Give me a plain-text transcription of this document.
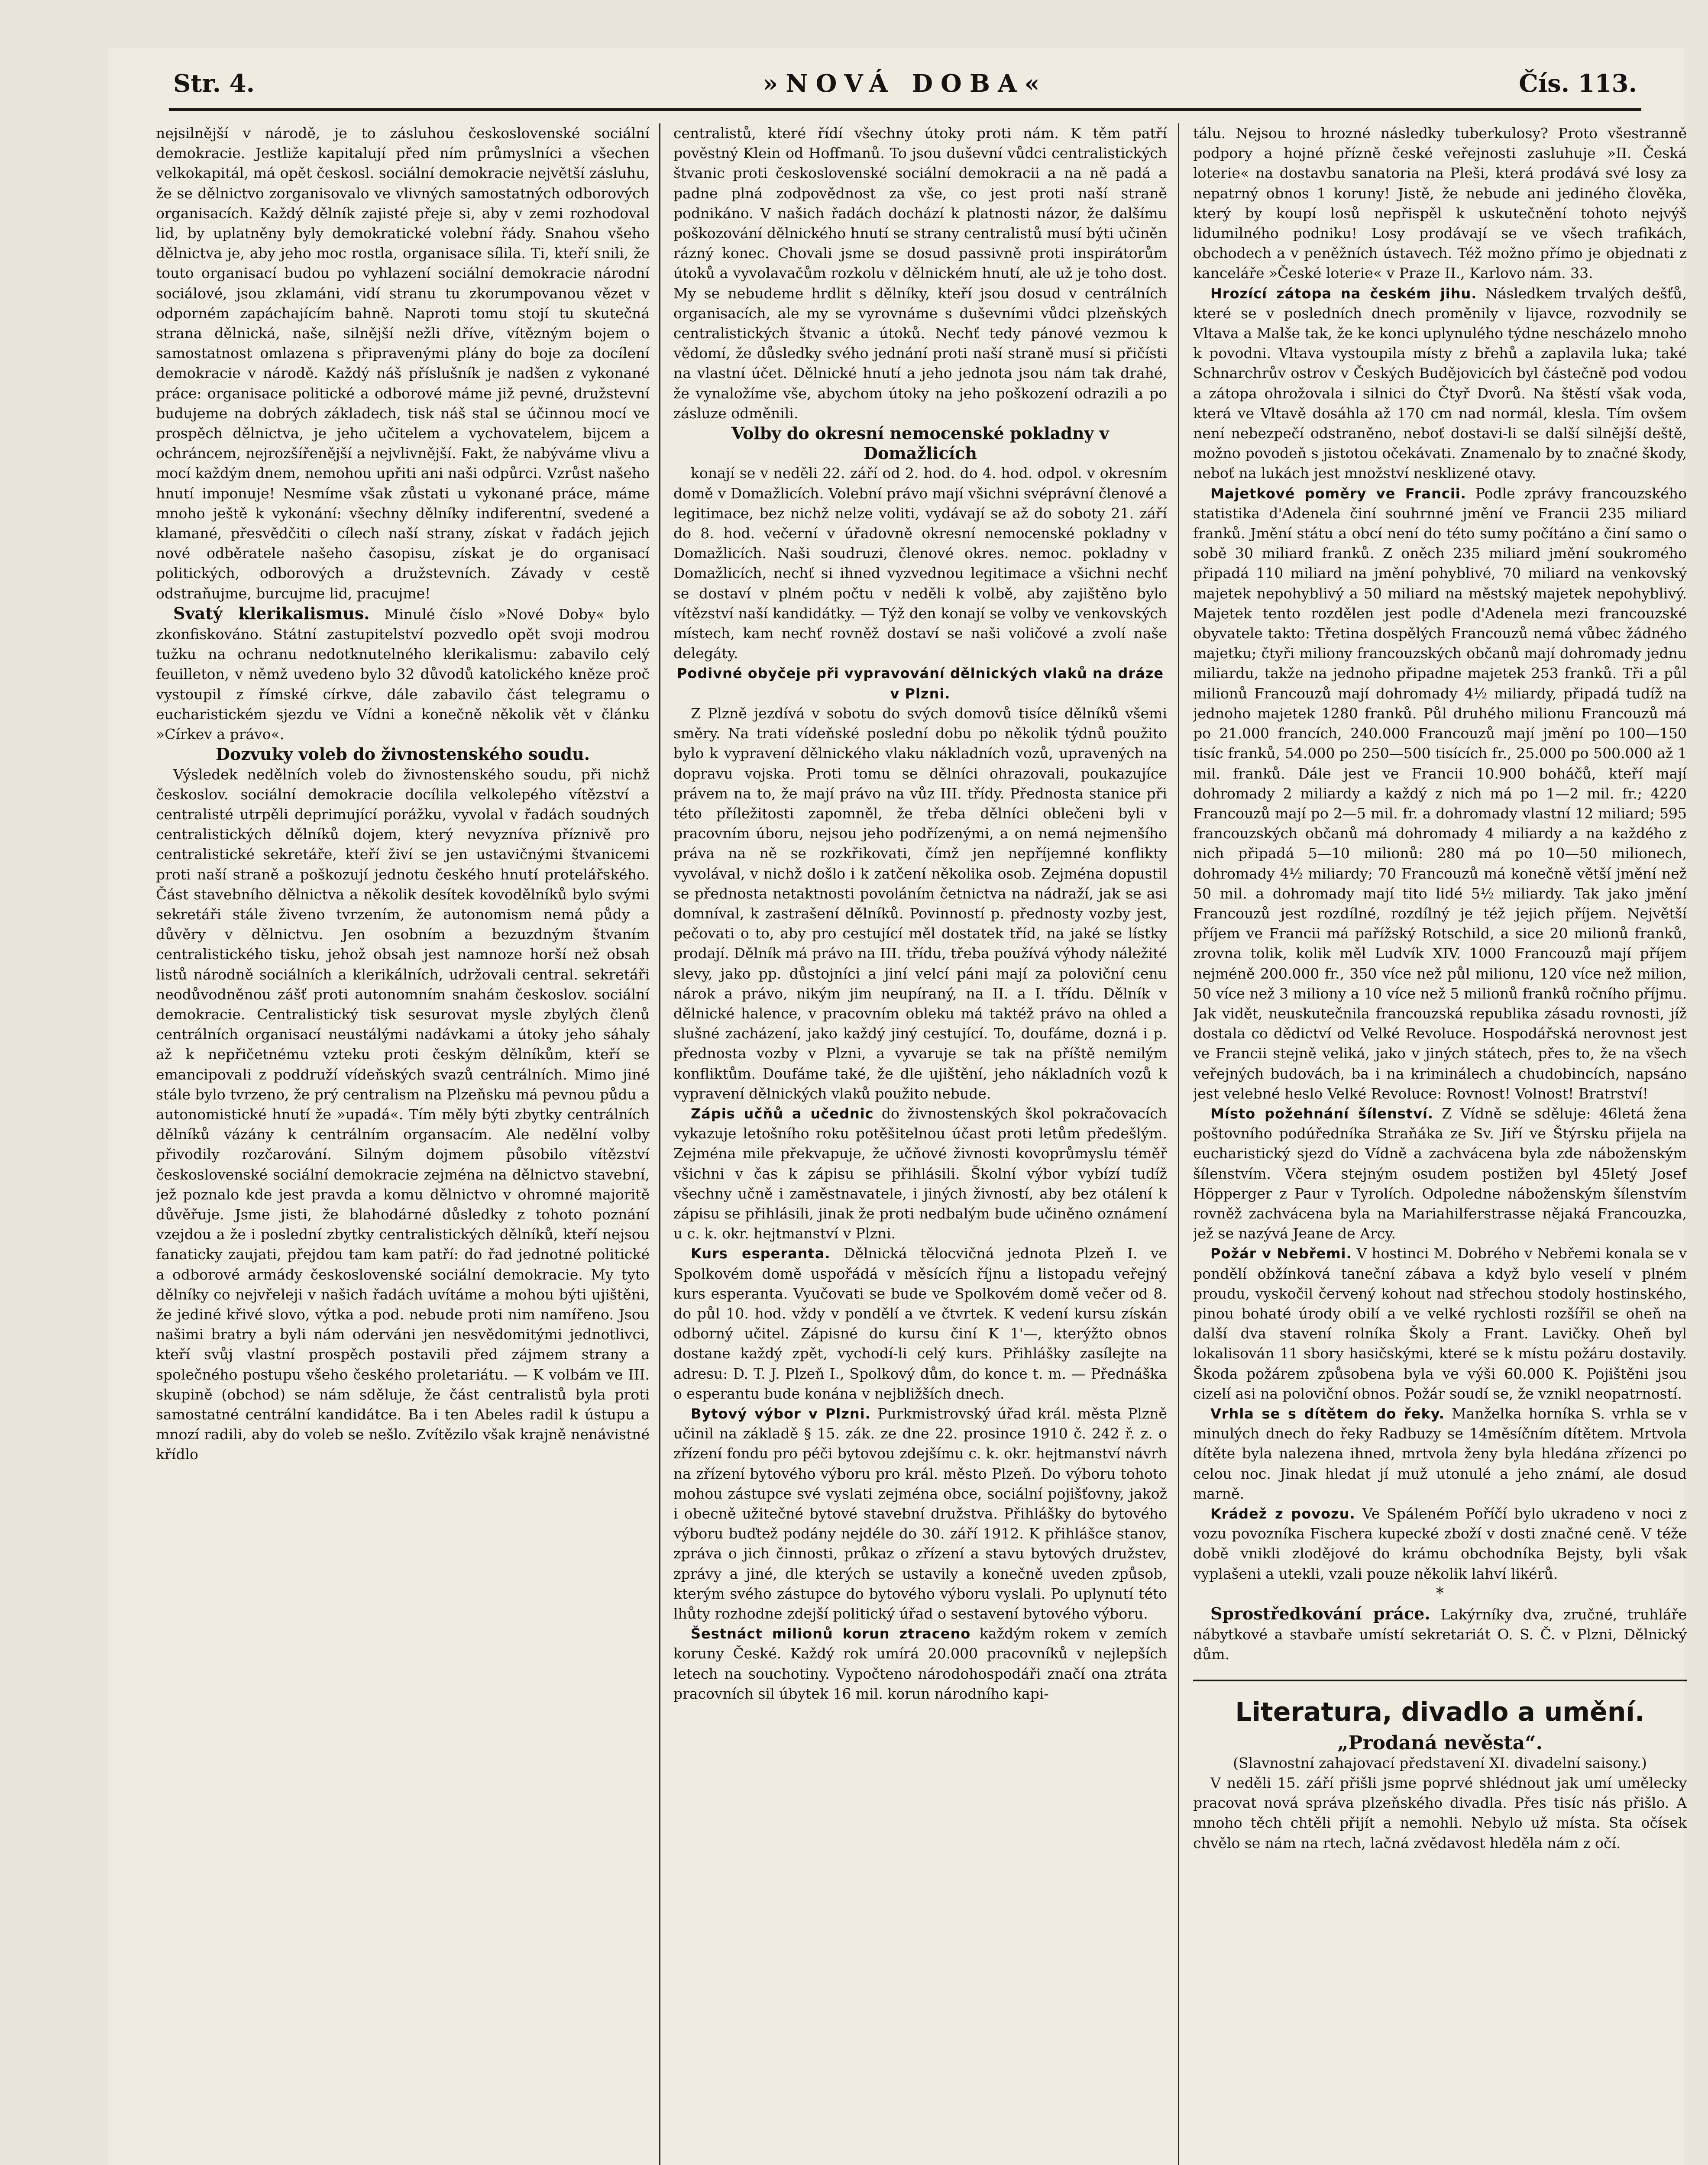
Str. 4.	»NOVÁ DOBA«	Čís. 113.

nejsilnější v národě, je to zásluhou československé sociální demokracie. Jestliže kapitalují před ním průmyslníci a všechen velkokapitál, má opět českosl. sociální demokracie největší zásluhu, že se dělnictvo zorganisovalo ve vlivných samostatných odborových organisacích. Každý dělník zajisté přeje si, aby v zemi rozhodoval lid, by uplatněny byly demokratické volební řády. Snahou všeho dělnictva je, aby jeho moc rostla, organisace sílila. Ti, kteří snili, že touto organisací budou po vyhlazení sociální demokracie národní sociálové, jsou zklamáni, vidí stranu tu zkorumpovanou vězet v odporném zapáchajícím bahně. Naproti tomu stojí tu skutečná strana dělnická, naše, silnější nežli dříve, vítězným bojem o samostatnost omlazena s připravenými plány do boje za docílení demokracie v národě. Každý náš příslušník je nadšen z vykonané práce: organisace politické a odborové máme již pevné, družstevní budujeme na dobrých základech, tisk náš stal se účinnou mocí ve prospěch dělnictva, je jeho učitelem a vychovatelem, bijcem a ochráncem, nejrozšířenější a nejvlivnější. Fakt, že nabýváme vlivu a mocí každým dnem, nemohou upřiti ani naši odpůrci. Vzrůst našeho hnutí imponuje! Nesmíme však zůstati u vykonané práce, máme mnoho ještě k vykonání: všechny dělníky indiferentní, svedené a klamané, přesvědčiti o cílech naší strany, získat v řadách jejich nové odběratele našeho časopisu, získat je do organisací politických, odborových a družstevních. Závady v cestě odstraňujme, burcujme lid, pracujme!

Svatý klerikalismus. Minulé číslo »Nové Doby« bylo zkonfiskováno. Státní zastupitelství pozvedlo opět svoji modrou tužku na ochranu nedotknutelného klerikalismu: zabavilo celý feuilleton, v němž uvedeno bylo 32 důvodů katolického kněze proč vystoupil z římské církve, dále zabavilo část telegramu o eucharistickém sjezdu ve Vídni a konečně několik vět v článku »Církev a právo«.

Dozvuky voleb do živnostenského soudu.

Výsledek nedělních voleb do živnostenského soudu, při nichž českoslov. sociální demokracie docílila velkolepého vítězství a centralisté utrpěli deprimující porážku, vyvolal v řadách soudných centralistických dělníků dojem, který nevyzníva příznivě pro centralistické sekretáře, kteří živí se jen ustavičnými štvanicemi proti naší straně a poškozují jednotu českého hnutí protelářského. Část stavebního dělnictva a několik desítek kovodělníků bylo svými sekretáři stále živeno tvrzením, že autonomism nemá půdy a důvěry v dělnictvu. Jen osobním a bezuzdným štvaním centralistického tisku, jehož obsah jest namnoze horší než obsah listů národně sociálních a klerikálních, udržovali central. sekretáři neodůvodněnou zášť proti autonomním snahám českoslov. sociální demokracie. Centralistický tisk sesurovat mysle zbylých členů centrálních organisací neustálými nadávkami a útoky jeho sáhaly až k nepřičetnému vzteku proti českým dělníkům, kteří se emancipovali z poddruží vídeňských svazů centrálních. Mimo jiné stále bylo tvrzeno, že prý centralism na Plzeňsku má pevnou půdu a autonomistické hnutí že »upadá«. Tím měly býti zbytky centrálních dělníků vázány k centrálním organsacím. Ale nedělní volby přivodily rozčarování. Silným dojmem působilo vítězství československé sociální demokracie zejména na dělnictvo stavební, jež poznalo kde jest pravda a komu dělnictvo v ohromné majoritě důvěřuje. Jsme jisti, že blahodárné důsledky z tohoto poznání vzejdou a že i poslední zbytky centralistických dělníků, kteří nejsou fanaticky zaujati, přejdou tam kam patří: do řad jednotné politické a odborové armády československé sociální demokracie. My tyto dělníky co nejvřeleji v našich řadách uvítáme a mohou býti ujištěni, že jediné křivé slovo, výtka a pod. nebude proti nim namířeno. Jsou našimi bratry a byli nám oderváni jen nesvědomitými jednotlivci, kteří svůj vlastní prospěch postavili před zájmem strany a společného postupu všeho českého proletariátu. — K volbám ve III. skupině (obchod) se nám sděluje, že část centralistů byla proti samostatné centrální kandidátce. Ba i ten Abeles radil k ústupu a mnozí radili, aby do voleb se nešlo. Zvítězilo však krajně nenávistné křídlo

centralistů, které řídí všechny útoky proti nám. K těm patří pověstný Klein od Hoffmanů. To jsou duševní vůdci centralistických štvanic proti československé sociální demokracii a na ně padá a padne plná zodpovědnost za vše, co jest proti naší straně podnikáno. V našich řadách dochází k platnosti názor, že dalšímu poškozování dělnického hnutí se strany centralistů musí býti učiněn rázný konec. Chovali jsme se dosud passivně proti inspirátorům útoků a vyvolavačům rozkolu v dělnickém hnutí, ale už je toho dost. My se nebudeme hrdlit s dělníky, kteří jsou dosud v centrálních organisacích, ale my se vyrovnáme s duševními vůdci plzeňských centralistických štvanic a útoků. Nechť tedy pánové vezmou k vědomí, že důsledky svého jednání proti naší straně musí si přičísti na vlastní účet. Dělnické hnutí a jeho jednota jsou nám tak drahé, že vynaložíme vše, abychom útoky na jeho poškození odrazili a po zásluze odměnili.

Volby do okresní nemocenské pokladny v Domažlicích

konají se v neděli 22. září od 2. hod. do 4. hod. odpol. v okresním domě v Domažlicích. Volební právo mají všichni svéprávní členové a legitimace, bez nichž nelze voliti, vydávají se až do soboty 21. září do 8. hod. večerní v úřadovně okresní nemocenské pokladny v Domažlicích. Naši soudruzi, členové okres. nemoc. pokladny v Domažlicích, nechť si ihned vyzvednou legitimace a všichni nechť se dostaví v plném počtu v neděli k volbě, aby zajištěno bylo vítězství naší kandidátky. — Týž den konají se volby ve venkovských místech, kam nechť rovněž dostaví se naši voličové a zvolí naše delegáty.

Podivné obyčeje při vypravování dělnických vlaků na dráze v Plzni.

Z Plzně jezdívá v sobotu do svých domovů tisíce dělníků všemi směry. Na trati vídeňské poslední dobu po několik týdnů použito bylo k vypravení dělnického vlaku nákladních vozů, upravených na dopravu vojska. Proti tomu se dělníci ohrazovali, poukazujíce právem na to, že mají právo na vůz III. třídy. Přednosta stanice při této příležitosti zapomněl, že třeba dělníci oblečeni byli v pracovním úboru, nejsou jeho podřízenými, a on nemá nejmenšího práva na ně se rozkřikovati, čímž jen nepříjemné konflikty vyvolával, v nichž došlo i k zatčení několika osob. Zejména dopustil se přednosta netaktnosti povoláním četnictva na nádraží, jak se asi domníval, k zastrašení dělníků. Povinností p. přednosty vozby jest, pečovati o to, aby pro cestující měl dostatek tříd, na jaké se lístky prodají. Dělník má právo na III. třídu, třeba používá výhody náležité slevy, jako pp. důstojníci a jiní velcí páni mají za poloviční cenu nárok a právo, nikým jim neupíraný, na II. a I. třídu. Dělník v dělnické halence, v pracovním obleku má taktéž právo na ohled a slušné zacházení, jako každý jiný cestující. To, doufáme, dozná i p. přednosta vozby v Plzni, a vyvaruje se tak na příště nemilým konfliktům. Doufáme také, že dle ujištění, jeho nákladních vozů k vypravení dělnických vlaků použito nebude.

Zápis učňů a učednic do živnostenských škol pokračovacích vykazuje letošního roku potěšitelnou účast proti letům předešlým. Zejména mile překvapuje, že učňové živnosti kovoprůmyslu téměř všichni v čas k zápisu se přihlásili. Školní výbor vybízí tudíž všechny učně i zaměstnavatele, i jiných živností, aby bez otálení k zápisu se přihlásili, jinak že proti nedbalým bude učiněno oznámení u c. k. okr. hejtmanství v Plzni.

Kurs esperanta. Dělnická tělocvičná jednota Plzeň I. ve Spolkovém domě uspořádá v měsících říjnu a listopadu veřejný kurs esperanta. Vyučovati se bude ve Spolkovém domě večer od 8. do půl 10. hod. vždy v pondělí a ve čtvrtek. K vedení kursu získán odborný učitel. Zápisné do kursu činí K 1'—, kterýžto obnos dostane každý zpět, vychodí-li celý kurs. Přihlášky zasílejte na adresu: D. T. J. Plzeň I., Spolkový dům, do konce t. m. — Přednáška o esperantu bude konána v nejbližších dnech.

Bytový výbor v Plzni. Purkmistrovský úřad král. města Plzně učinil na základě § 15. zák. ze dne 22. prosince 1910 č. 242 ř. z. o zřízení fondu pro péči bytovou zdejšímu c. k. okr. hejtmanství návrh na zřízení bytového výboru pro král. město Plzeň. Do výboru tohoto mohou zástupce své vyslati zejména obce, sociální pojišťovny, jakož i obecně užitečné bytové stavební družstva. Přihlášky do bytového výboru buďtež podány nejdéle do 30. září 1912. K přihlášce stanov, zpráva o jich činnosti, průkaz o zřízení a stavu bytových družstev, zprávy a jiné, dle kterých se ustavily a konečně uveden způsob, kterým svého zástupce do bytového výboru vyslali. Po uplynutí této lhůty rozhodne zdejší politický úřad o sestavení bytového výboru.

Šestnáct milionů korun ztraceno každým rokem v zemích koruny České. Každý rok umírá 20.000 pracovníků v nejlepších letech na souchotiny. Vypočteno národohospodáři značí ona ztráta pracovních sil úbytek 16 mil. korun národního kapi-

tálu. Nejsou to hrozné následky tuberkulosy? Proto všestranně podpory a hojné přízně české veřejnosti zasluhuje »II. Česká loterie« na dostavbu sanatoria na Pleši, která prodává své losy za nepatrný obnos 1 koruny! Jistě, že nebude ani jediného člověka, který by koupí losů nepřispěl k uskutečnění tohoto nejvýš lidumilného podniku! Losy prodávají se ve všech trafikách, obchodech a v peněžních ústavech. Též možno přímo je objednati z kanceláře »České loterie« v Praze II., Karlovo nám. 33.

Hrozící zátopa na českém jihu. Následkem trvalých dešťů, které se v posledních dnech proměnily v lijavce, rozvodnily se Vltava a Malše tak, že ke konci uplynulého týdne nescházelo mnoho k povodni. Vltava vystoupila místy z břehů a zaplavila luka; také Schnarchrův ostrov v Českých Budějovicích byl částečně pod vodou a zátopa ohrožovala i silnici do Čtyř Dvorů. Na štěstí však voda, která ve Vltavě dosáhla až 170 cm nad normál, klesla. Tím ovšem není nebezpečí odstraněno, neboť dostavi-li se další silnější deště, možno povodeň s jistotou očekávati. Znamenalo by to značné škody, neboť na lukách jest množství nesklizené otavy.

Majetkové poměry ve Francii. Podle zprávy francouzského statistika d'Adenela činí souhrnné jmění ve Francii 235 miliard franků. Jmění státu a obcí není do této sumy počítáno a činí samo o sobě 30 miliard franků. Z oněch 235 miliard jmění soukromého připadá 110 miliard na jmění pohyblivé, 70 miliard na venkovský majetek nepohyblivý a 50 miliard na městský majetek nepohyblivý. Majetek tento rozdělen jest podle d'Adenela mezi francouzské obyvatele takto: Třetina dospělých Francouzů nemá vůbec žádného majetku; čtyři miliony francouzských občanů mají dohromady jednu miliardu, takže na jednoho připadne majetek 253 franků. Tři a půl milionů Francouzů mají dohromady 4½ miliardy, připadá tudíž na jednoho majetek 1280 franků. Půl druhého milionu Francouzů má po 21.000 francích, 240.000 Francouzů mají jmění po 100—150 tisíc franků, 54.000 po 250—500 tisících fr., 25.000 po 500.000 až 1 mil. franků. Dále jest ve Francii 10.900 boháčů, kteří mají dohromady 2 miliardy a každý z nich má po 1—2 mil. fr.; 4220 Francouzů mají po 2—5 mil. fr. a dohromady vlastní 12 miliard; 595 francouzských občanů má dohromady 4 miliardy a na každého z nich připadá 5—10 milionů: 280 má po 10—50 milionech, dohromady 4½ miliardy; 70 Francouzů má konečně větší jmění než 50 mil. a dohromady mají tito lidé 5½ miliardy. Tak jako jmění Francouzů jest rozdílné, rozdílný je též jejich příjem. Největší příjem ve Francii má pařížský Rotschild, a sice 20 milionů franků, zrovna tolik, kolik měl Ludvík XIV. 1000 Francouzů mají příjem nejméně 200.000 fr., 350 více než půl milionu, 120 více než milion, 50 více než 3 miliony a 10 více než 5 milionů franků ročního příjmu. Jak vidět, neuskutečnila francouzská republika zásadu rovnosti, jíž dostala co dědictví od Velké Revoluce. Hospodářská nerovnost jest ve Francii stejně veliká, jako v jiných státech, přes to, že na všech veřejných budovách, ba i na kriminálech a chudobincích, napsáno jest velebné heslo Velké Revoluce: Rovnost! Volnost! Bratrství!

Místo požehnání šílenství. Z Vídně se sděluje: 46letá žena poštovního podúředníka Straňáka ze Sv. Jiří ve Štýrsku přijela na eucharistický sjezd do Vídně a zachvácena byla zde náboženským šílenstvím. Včera stejným osudem postižen byl 45letý Josef Höpperger z Paur v Tyrolích. Odpoledne náboženským šílenstvím rovněž zachvácena byla na Mariahilferstrasse nějaká Francouzka, jež se nazývá Jeane de Arcy.

Požár v Nebřemi. V hostinci M. Dobrého v Nebřemi konala se v pondělí obžínková taneční zábava a když bylo veselí v plném proudu, vyskočil červený kohout nad střechou stodoly hostinského, pinou bohaté úrody obilí a ve velké rychlosti rozšířil se oheň na další dva stavení rolníka Školy a Frant. Lavičky. Oheň byl lokalisován 11 sbory hasičskými, které se k místu požáru dostavily. Škoda požárem způsobena byla ve výši 60.000 K. Pojištěni jsou cizelí asi na poloviční obnos. Požár soudí se, že vznikl neopatrností.

Vrhla se s dítětem do řeky. Manželka horníka S. vrhla se v minulých dnech do řeky Radbuzy se 14měsíčním dítětem. Mrtvola dítěte byla nalezena ihned, mrtvola ženy byla hledána zřízenci po celou noc. Jinak hledat jí muž utonulé a jeho známí, ale dosud marně.

Krádež z povozu. Ve Spáleném Poříčí bylo ukradeno v noci z vozu povozníka Fischera kupecké zboží v dosti značné ceně. V téže době vnikli zlodějové do krámu obchodníka Bejsty, byli však vyplašeni a utekli, vzali pouze několik lahví likérů.

*

Sprostředkování práce. Lakýrníky dva, zručné, truhláře nábytkové a stavbaře umístí sekretariát O. S. Č. v Plzni, Dělnický dům.

Literatura, divadlo a umění.

„Prodaná nevěsta“.

(Slavnostní zahajovací představení XI. divadelní saisony.)

V neděli 15. září přišli jsme poprvé shlédnout jak umí umělecky pracovat nová správa plzeňského divadla. Přes tisíc nás přišlo. A mnoho těch chtěli přijít a nemohli. Nebylo už místa. Sta očísek chvělo se nám na rtech, lačná zvědavost hleděla nám z očí.
